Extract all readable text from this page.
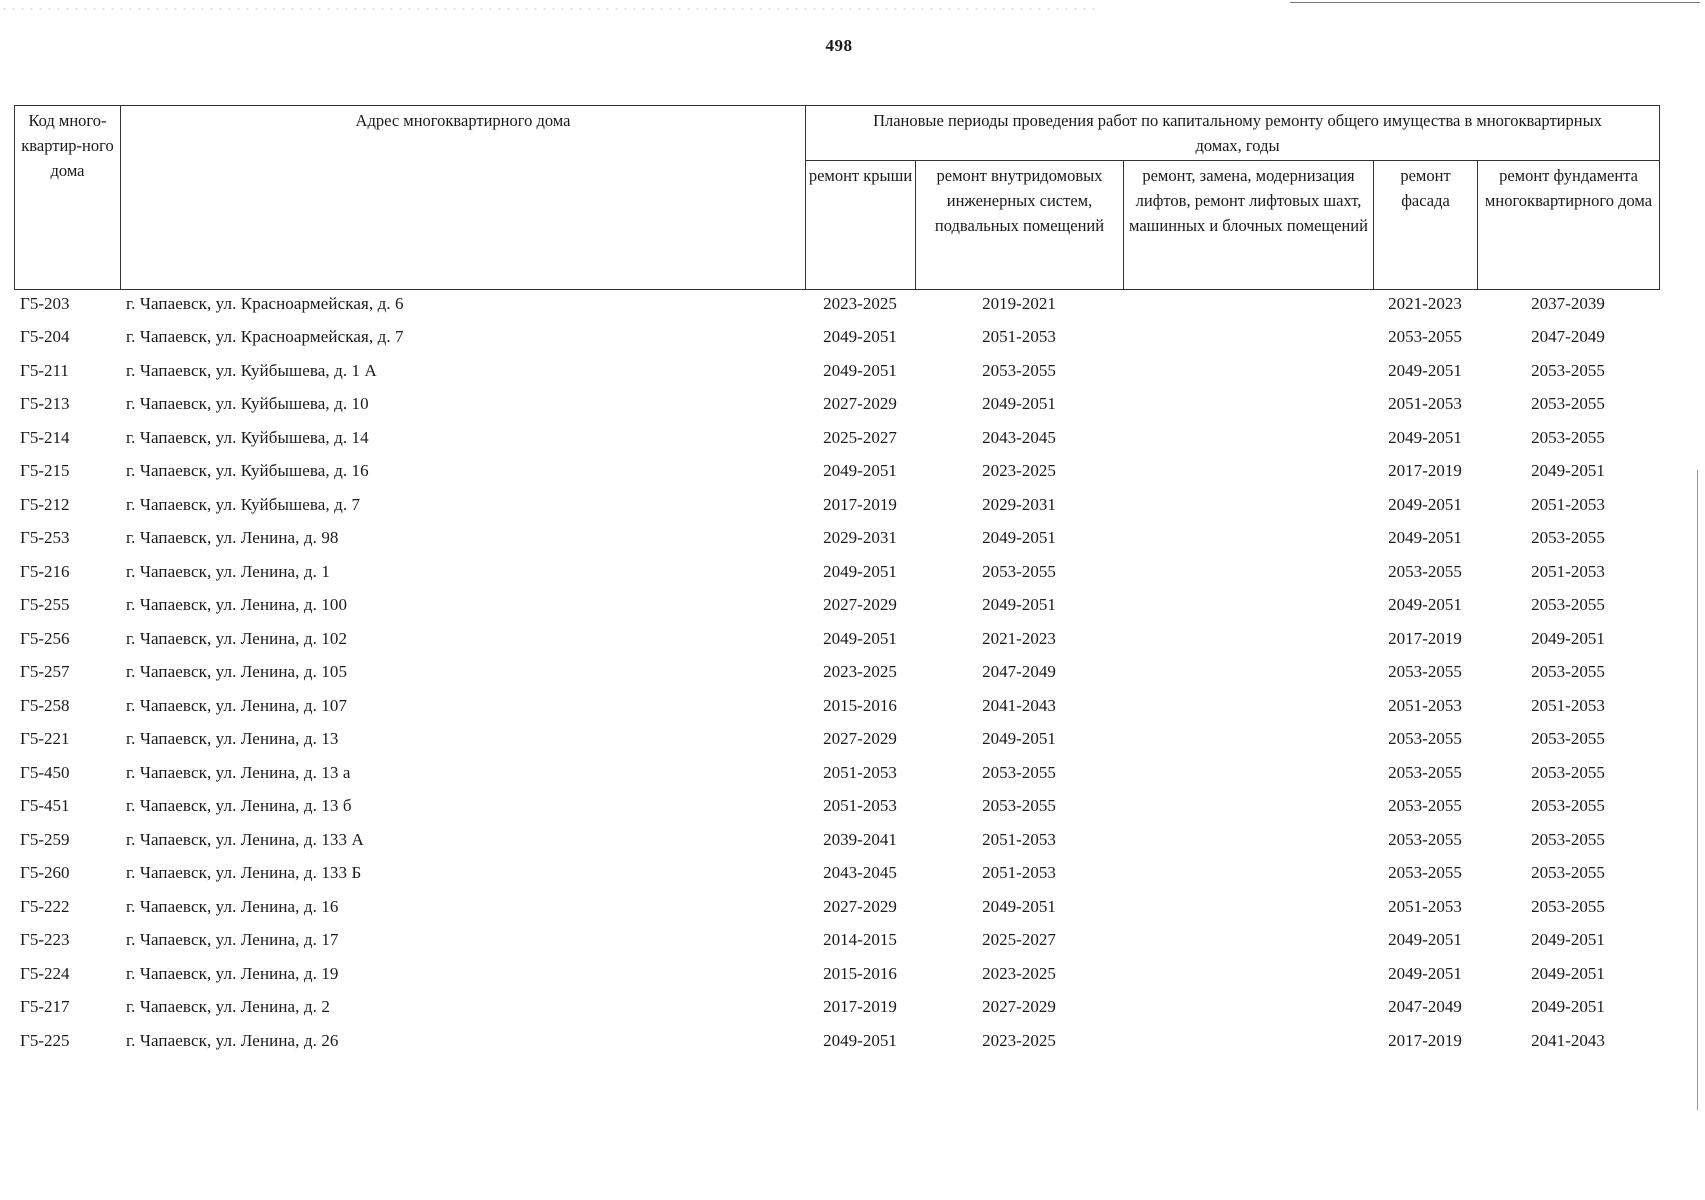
498
Код много-квартир-ного дома	Адрес многоквартирного дома	Плановые периоды проведения работ по капитальному ремонту общего имущества в многоквартирных домах, годы				
		ремонт крыши	ремонт внутридомовых инженерных систем, подвальных помещений	ремонт, замена, модернизация лифтов, ремонт лифтовых шахт, машинных и блочных помещений	ремонт фасада	ремонт фундамента многоквартирного дома
Г5-203	г. Чапаевск, ул. Красноармейская, д. 6	2023-2025	2019-2021		2021-2023	2037-2039
Г5-204	г. Чапаевск, ул. Красноармейская, д. 7	2049-2051	2051-2053		2053-2055	2047-2049
Г5-211	г. Чапаевск, ул. Куйбышева, д. 1 А	2049-2051	2053-2055		2049-2051	2053-2055
Г5-213	г. Чапаевск, ул. Куйбышева, д. 10	2027-2029	2049-2051		2051-2053	2053-2055
Г5-214	г. Чапаевск, ул. Куйбышева, д. 14	2025-2027	2043-2045		2049-2051	2053-2055
Г5-215	г. Чапаевск, ул. Куйбышева, д. 16	2049-2051	2023-2025		2017-2019	2049-2051
Г5-212	г. Чапаевск, ул. Куйбышева, д. 7	2017-2019	2029-2031		2049-2051	2051-2053
Г5-253	г. Чапаевск, ул. Ленина, д. 98	2029-2031	2049-2051		2049-2051	2053-2055
Г5-216	г. Чапаевск, ул. Ленина, д. 1	2049-2051	2053-2055		2053-2055	2051-2053
Г5-255	г. Чапаевск, ул. Ленина, д. 100	2027-2029	2049-2051		2049-2051	2053-2055
Г5-256	г. Чапаевск, ул. Ленина, д. 102	2049-2051	2021-2023		2017-2019	2049-2051
Г5-257	г. Чапаевск, ул. Ленина, д. 105	2023-2025	2047-2049		2053-2055	2053-2055
Г5-258	г. Чапаевск, ул. Ленина, д. 107	2015-2016	2041-2043		2051-2053	2051-2053
Г5-221	г. Чапаевск, ул. Ленина, д. 13	2027-2029	2049-2051		2053-2055	2053-2055
Г5-450	г. Чапаевск, ул. Ленина, д. 13 а	2051-2053	2053-2055		2053-2055	2053-2055
Г5-451	г. Чапаевск, ул. Ленина, д. 13 б	2051-2053	2053-2055		2053-2055	2053-2055
Г5-259	г. Чапаевск, ул. Ленина, д. 133 А	2039-2041	2051-2053		2053-2055	2053-2055
Г5-260	г. Чапаевск, ул. Ленина, д. 133 Б	2043-2045	2051-2053		2053-2055	2053-2055
Г5-222	г. Чапаевск, ул. Ленина, д. 16	2027-2029	2049-2051		2051-2053	2053-2055
Г5-223	г. Чапаевск, ул. Ленина, д. 17	2014-2015	2025-2027		2049-2051	2049-2051
Г5-224	г. Чапаевск, ул. Ленина, д. 19	2015-2016	2023-2025		2049-2051	2049-2051
Г5-217	г. Чапаевск, ул. Ленина, д. 2	2017-2019	2027-2029		2047-2049	2049-2051
Г5-225	г. Чапаевск, ул. Ленина, д. 26	2049-2051	2023-2025		2017-2019	2041-2043
